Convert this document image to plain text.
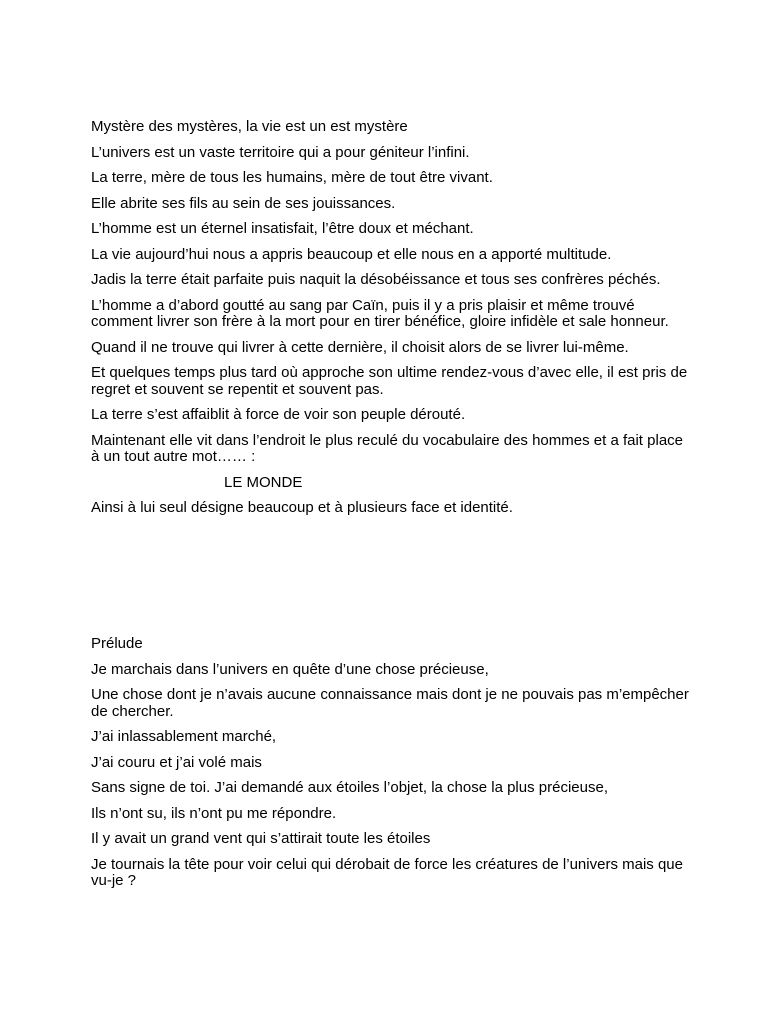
Mystère des mystères, la vie est un est mystère

L’univers est un vaste territoire qui a pour géniteur l’infini.

La terre, mère de tous les humains, mère de tout être vivant.

Elle abrite ses fils au sein de ses jouissances.

L’homme est un éternel insatisfait, l’être doux et méchant.

La vie aujourd’hui nous a appris beaucoup et elle nous en a apporté multitude.

Jadis la terre était parfaite puis naquit la désobéissance et tous ses confrères péchés.

L’homme a d’abord goutté au sang par Caïn, puis il y a pris plaisir et même trouvé comment livrer son frère à la mort pour en tirer bénéfice, gloire infidèle et sale honneur.

Quand il ne trouve qui livrer à cette dernière, il choisit alors de se livrer lui-même.

Et quelques temps plus tard où approche son ultime rendez-vous d’avec elle, il est pris de regret et souvent se repentit et souvent pas.

La terre s’est affaiblit à force de voir son peuple dérouté.

Maintenant elle vit dans l’endroit le plus reculé du vocabulaire des hommes et a fait place à un tout autre mot…… :

LE MONDE

Ainsi à lui seul désigne beaucoup et à plusieurs face et identité.

Prélude

Je marchais dans l’univers en quête d’une chose précieuse,

Une chose dont je n’avais aucune connaissance mais dont je ne pouvais pas m’empêcher de chercher.

J’ai inlassablement marché,

J’ai couru et j’ai volé mais

Sans signe de toi. J’ai demandé aux étoiles l’objet, la chose la plus précieuse,

Ils n’ont su, ils n’ont pu me répondre.

Il y avait un grand vent qui s’attirait toute les étoiles

Je tournais la tête pour voir celui qui dérobait de force les créatures de l’univers mais que vu-je ?
